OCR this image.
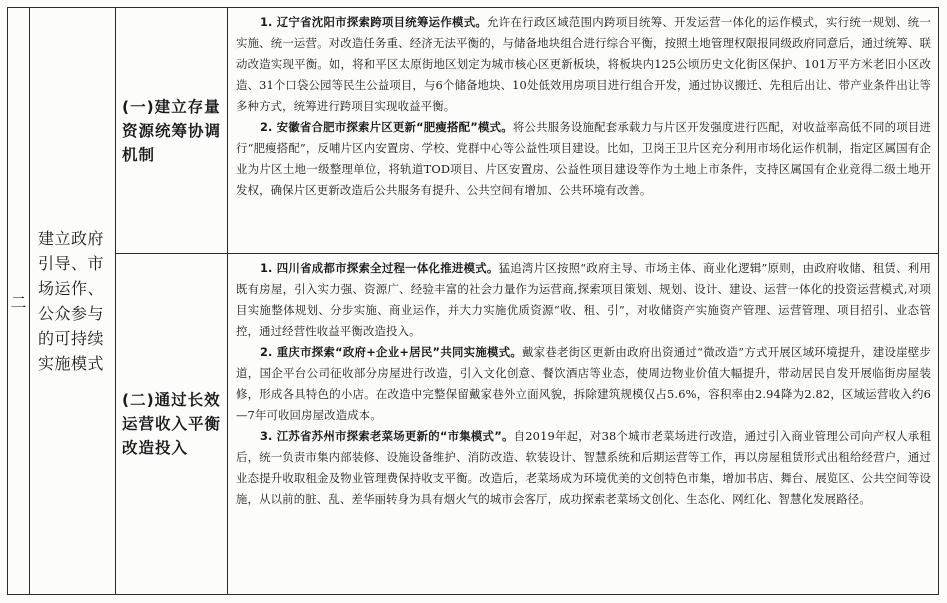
二	建立政府引导、市场运作、公众参与的可持续实施模式	(一)建立存量资源统筹协调机制	1. 辽宁省沈阳市探索跨项目统筹运作模式。允许在行政区域范围内跨项目统筹、开发运营一体化的运作模式，实行统一规划、统一实施、统一运营。对改造任务重、经济无法平衡的，与储备地块组合进行综合平衡，按照土地管理权限报同级政府同意后，通过统筹、联动改造实现平衡。如，将和平区太原街地区划定为城市核心区更新板块，将板块内125公顷历史文化街区保护、101万平方米老旧小区改造、31个口袋公园等民生公益项目，与6个储备地块、10处低效用房项目进行组合开发，通过协议搬迁、先租后出让、带产业条件出让等多种方式，统筹进行跨项目实现收益平衡。

2. 安徽省合肥市探索片区更新“肥瘦搭配”模式。将公共服务设施配套承载力与片区开发强度进行匹配，对收益率高低不同的项目进行“肥瘦搭配”，反哺片区内安置房、学校、党群中心等公益性项目建设。比如，卫岗王卫片区充分利用市场化运作机制，指定区属国有企业为片区土地一级整理单位，将轨道TOD项目、片区安置房、公益性项目建设等作为土地上市条件，支持区属国有企业竞得二级土地开发权，确保片区更新改造后公共服务有提升、公共空间有增加、公共环境有改善。

		(二)通过长效运营收入平衡改造投入	1. 四川省成都市探索全过程一体化推进模式。猛追湾片区按照“政府主导、市场主体、商业化逻辑”原则，由政府收储、租赁、利用既有房屋，引入实力强、资源广、经验丰富的社会力量作为运营商,探索项目策划、规划、设计、建设、运营一体化的投资运营模式,对项目实施整体规划、分步实施、商业运作，并大力实施优质资源“收、租、引”，对收储资产实施资产管理、运营管理、项目招引、业态管控，通过经营性收益平衡改造投入。

2. 重庆市探索“政府+企业+居民”共同实施模式。戴家巷老街区更新由政府出资通过“微改造”方式开展区域环境提升，建设崖壁步道，国企平台公司征收部分房屋进行改造，引入文化创意、餐饮酒店等业态，使周边物业价值大幅提升，带动居民自发开展临街房屋装修，形成各具特色的小店。在改造中完整保留戴家巷外立面风貌，拆除建筑规模仅占5.6%，容积率由2.94降为2.82，区域运营收入约6—7年可收回房屋改造成本。

3. 江苏省苏州市探索老菜场更新的“市集模式”。自2019年起，对38个城市老菜场进行改造，通过引入商业管理公司向产权人承租后，统一负责市集内部装修、设施设备维护、消防改造、软装设计、智慧系统和后期运营等工作，再以房屋租赁形式出租给经营户，通过业态提升收取租金及物业管理费保持收支平衡。改造后，老菜场成为环境优美的文创特色市集，增加书店、舞台、展览区、公共空间等设施，从以前的脏、乱、差华丽转身为具有烟火气的城市会客厅，成功探索老菜场文创化、生态化、网红化、智慧化发展路径。
